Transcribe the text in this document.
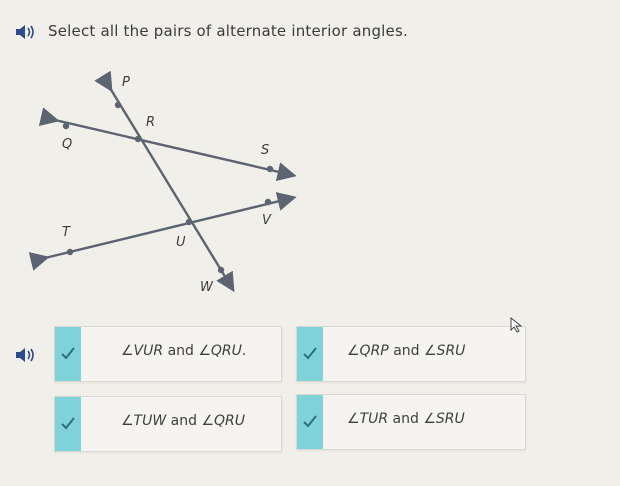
Select all the pairs of alternate interior angles.
P
R
Q	S
T
V
U
W
∠VUR and ∠QRU.	∠QRP and ∠SRU
∠TUW and ∠QRU	∠TUR and ∠SRU
